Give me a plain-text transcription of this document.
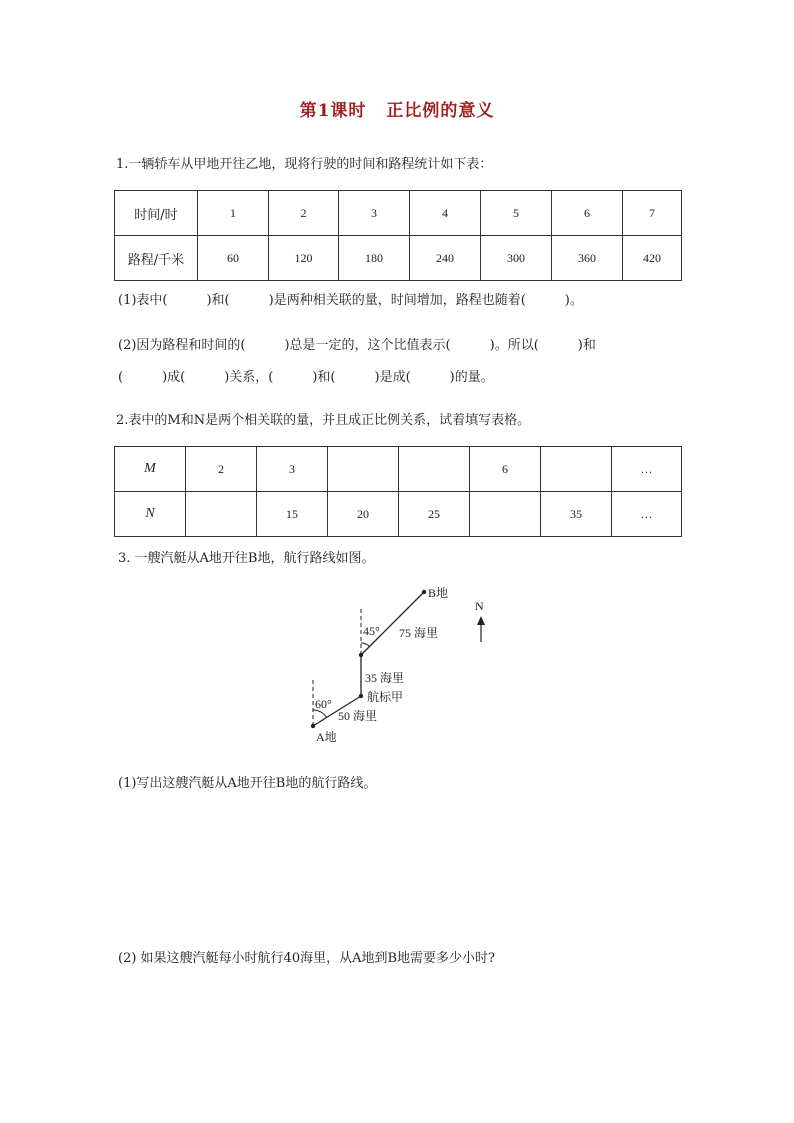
第1课时 正比例的意义
1.一辆轿车从甲地开往乙地，现将行驶的时间和路程统计如下表：
时间/时	1	2	3	4	5	6	7
路程/千米	60	120	180	240	300	360	420
(1)表中(　　　)和(　　　)是两种相关联的量，时间增加，路程也随着(　　　)。
(2)因为路程和时间的(　　　)总是一定的，这个比值表示(　　　)。所以(　　　)和
(　　　)成(　　　)关系，(　　　)和(　　　)是成(　　　)的量。
2.表中的M和N是两个相关联的量，并且成正比例关系，试着填写表格。
M	2	3			6		…
N		15	20	25		35	…
3. 一艘汽艇从A地开往B地，航行路线如图。
B地
N
45° 75 海里
35 海里
航标甲
60°
50 海里
A地
(1)写出这艘汽艇从A地开往B地的航行路线。
(2) 如果这艘汽艇每小时航行40海里，从A地到B地需要多少小时?
